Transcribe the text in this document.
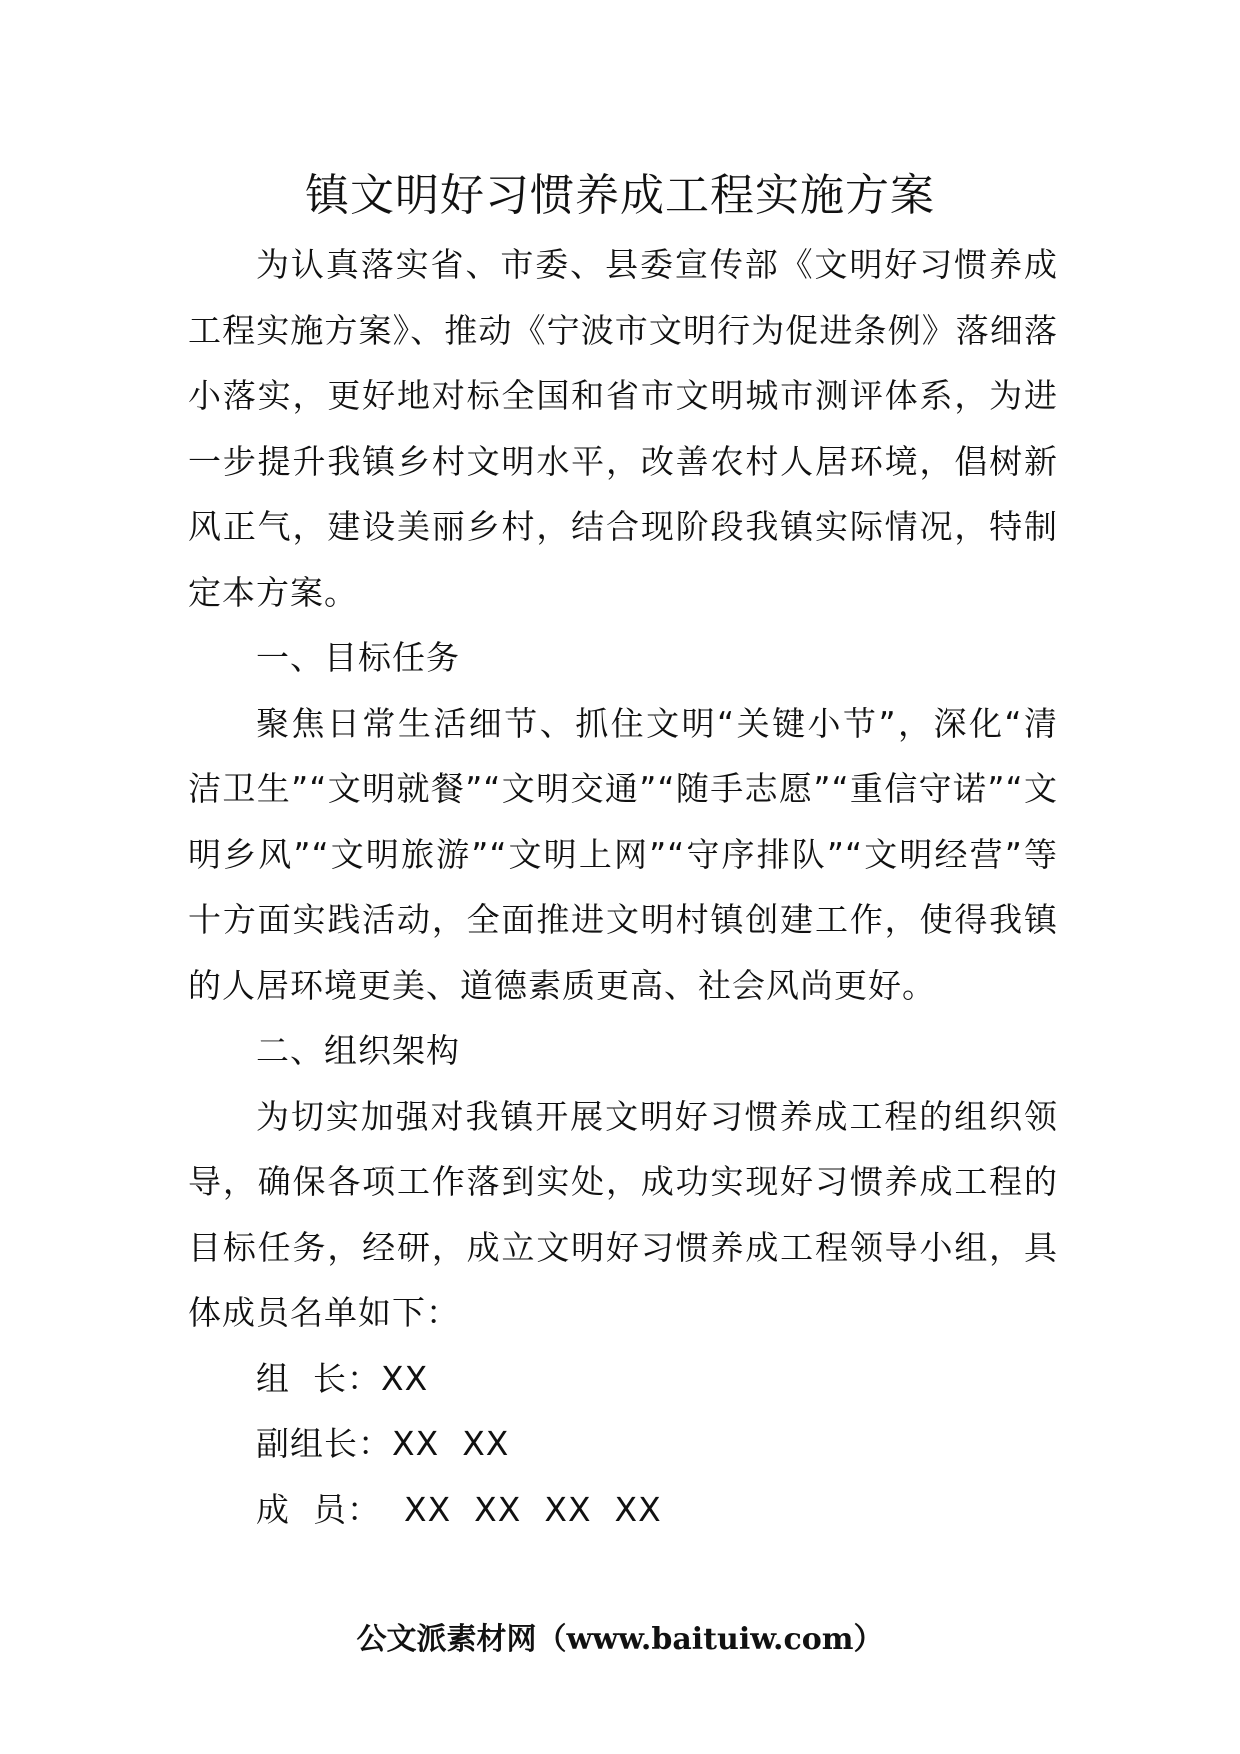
镇文明好习惯养成工程实施方案

为认真落实省、市委、县委宣传部《文明好习惯养成工程实施方案》、推动《宁波市文明行为促进条例》落细落小落实，更好地对标全国和省市文明城市测评体系，为进一步提升我镇乡村文明水平，改善农村人居环境，倡树新风正气，建设美丽乡村，结合现阶段我镇实际情况，特制定本方案。

一、目标任务

聚焦日常生活细节、抓住文明“关键小节”，深化“清洁卫生”“文明就餐”“文明交通”“随手志愿”“重信守诺”“文明乡风”“文明旅游”“文明上网”“守序排队”“文明经营”等十方面实践活动，全面推进文明村镇创建工作，使得我镇的人居环境更美、道德素质更高、社会风尚更好。

二、组织架构

为切实加强对我镇开展文明好习惯养成工程的组织领导，确保各项工作落到实处，成功实现好习惯养成工程的目标任务，经研，成立文明好习惯养成工程领导小组，具体成员名单如下：

组  长：XX

副组长：XX  XX

成  员：  XX  XX  XX  XX

公文派素材网（www.baituiw.com）
